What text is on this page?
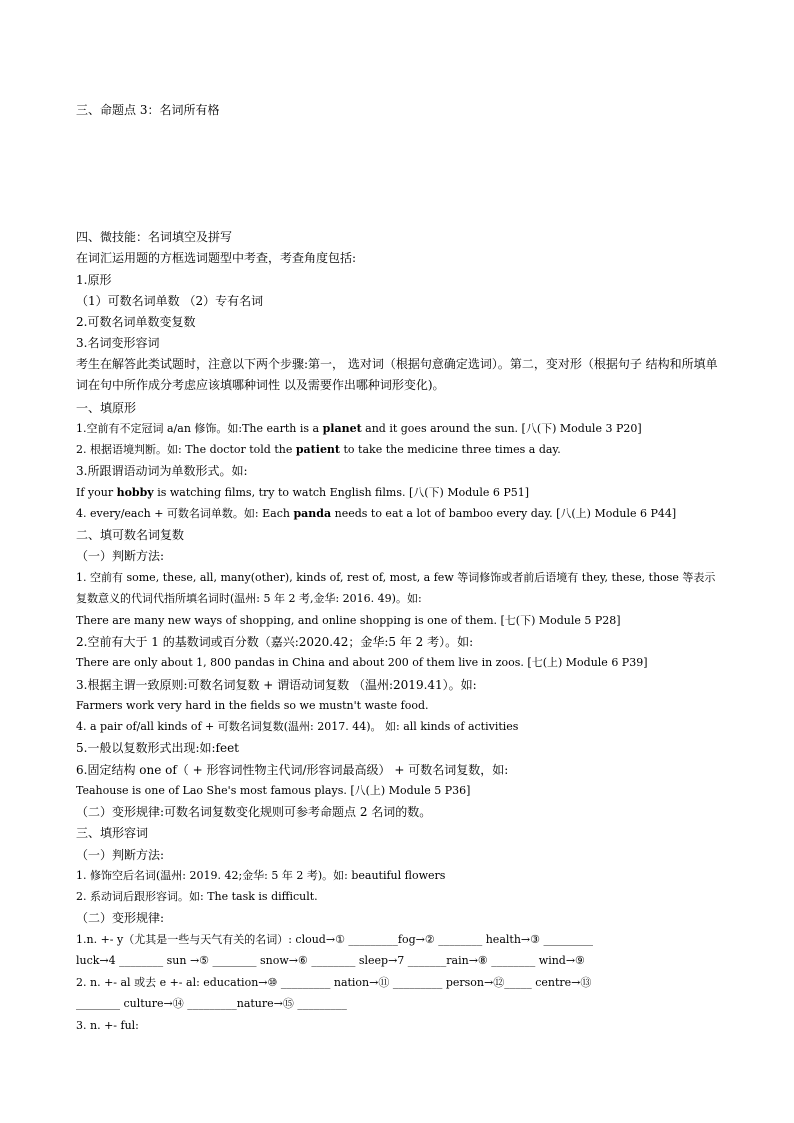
三、命题点 3：名词所有格
四、微技能：名词填空及拼写
在词汇运用题的方框选词题型中考查，考查角度包括:
1.原形
（1）可数名词单数 （2）专有名词
2.可数名词单数变复数
3.名词变形容词
考生在解答此类试题时，注意以下两个步骤:第一， 选对词（根据句意确定选词）。第二，变对形（根据句子 结构和所填单词在句中所作成分考虑应该填哪种词性 以及需要作出哪种词形变化)。
一、填原形
1.空前有不定冠词 a/an 修饰。如:The earth is a planet and it goes around the sun. [八(下) Module 3 P20]
2. 根据语境判断。如: The doctor told the patient to take the medicine three times a day.
3.所跟谓语动词为单数形式。如:
If your hobby is watching films, try to watch English films. [八(下) Module 6 P51]
4. every/each + 可数名词单数。如: Each panda needs to eat a lot of bamboo every day. [八(上) Module 6 P44]
二、填可数名词复数
（一）判断方法:
1. 空前有 some, these, all, many(other), kinds of, rest of, most, a few 等词修饰或者前后语境有 they, these, those 等表示复数意义的代词代指所填名词时(温州: 5 年 2 考,金华: 2016. 49)。如:
There are many new ways of shopping, and online shopping is one of them. [七(下) Module 5 P28]
2.空前有大于 1 的基数词或百分数（嘉兴:2020.42；金华:5 年 2 考）。如:
There are only about 1, 800 pandas in China and about 200 of them live in zoos. [七(上) Module 6 P39]
3.根据主谓一致原则:可数名词复数 + 谓语动词复数 （温州:2019.41）。如:
Farmers work very hard in the fields so we mustn't waste food.
4. a pair of/all kinds of + 可数名词复数(温州: 2017. 44)。 如: all kinds of activities
5.一般以复数形式出现:如:feet
6.固定结构 one of（ + 形容词性物主代词/形容词最高级） + 可数名词复数，如:
Teahouse is one of Lao She's most famous plays. [八(上) Module 5 P36]
（二）变形规律:可数名词复数变化规则可参考命题点 2 名词的数。
三、填形容词
（一）判断方法:
1. 修饰空后名词(温州: 2019. 42;金华: 5 年 2 考)。如: beautiful flowers
2. 系动词后跟形容词。如: The task is difficult.
（二）变形规律:
1.n. +- y（尤其是一些与天气有关的名词）: cloud→① _________fog→② ________ health→③ _________
luck→4 ________ sun →⑤ ________ snow→⑥ ________ sleep→7 _______rain→⑧ ________ wind→⑨
2. n. +- al 或去 e +- al: education→⑩ _________ nation→⑪ _________ person→⑫_____ centre→⑬
________ culture→⑭ _________nature→⑮ _________
3. n. +- ful:
